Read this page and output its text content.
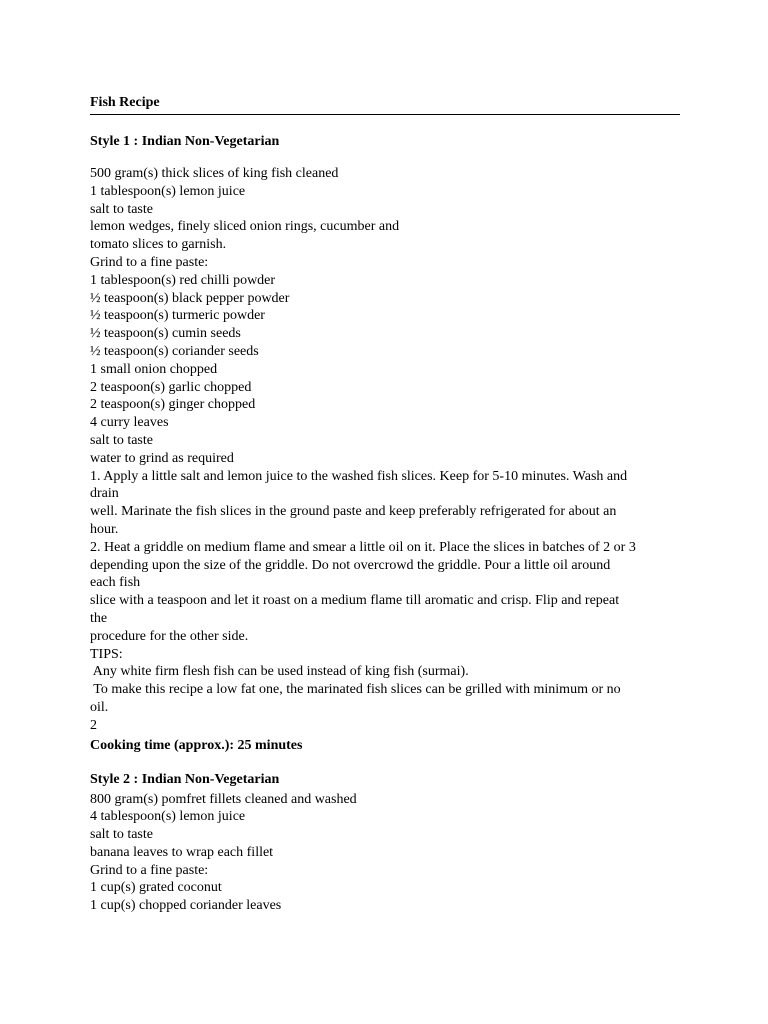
Fish Recipe
Style 1 : Indian Non-Vegetarian
500 gram(s) thick slices of king fish cleaned
1 tablespoon(s) lemon juice
salt to taste
lemon wedges, finely sliced onion rings, cucumber and
tomato slices to garnish.
Grind to a fine paste:
1 tablespoon(s) red chilli powder
½ teaspoon(s) black pepper powder
½ teaspoon(s) turmeric powder
½ teaspoon(s) cumin seeds
½ teaspoon(s) coriander seeds
1 small onion chopped
2 teaspoon(s) garlic chopped
2 teaspoon(s) ginger chopped
4 curry leaves
salt to taste
water to grind as required
1. Apply a little salt and lemon juice to the washed fish slices. Keep for 5-10 minutes. Wash and
drain
well. Marinate the fish slices in the ground paste and keep preferably refrigerated for about an
hour.
2. Heat a griddle on medium flame and smear a little oil on it. Place the slices in batches of 2 or 3
depending upon the size of the griddle. Do not overcrowd the griddle. Pour a little oil around
each fish
slice with a teaspoon and let it roast on a medium flame till aromatic and crisp. Flip and repeat
the
procedure for the other side.
TIPS:
Any white firm flesh fish can be used instead of king fish (surmai).
To make this recipe a low fat one, the marinated fish slices can be grilled with minimum or no
oil.
2
Cooking time (approx.): 25 minutes
Style 2 : Indian Non-Vegetarian
800 gram(s) pomfret fillets cleaned and washed
4 tablespoon(s) lemon juice
salt to taste
banana leaves to wrap each fillet
Grind to a fine paste:
1 cup(s) grated coconut
1 cup(s) chopped coriander leaves
